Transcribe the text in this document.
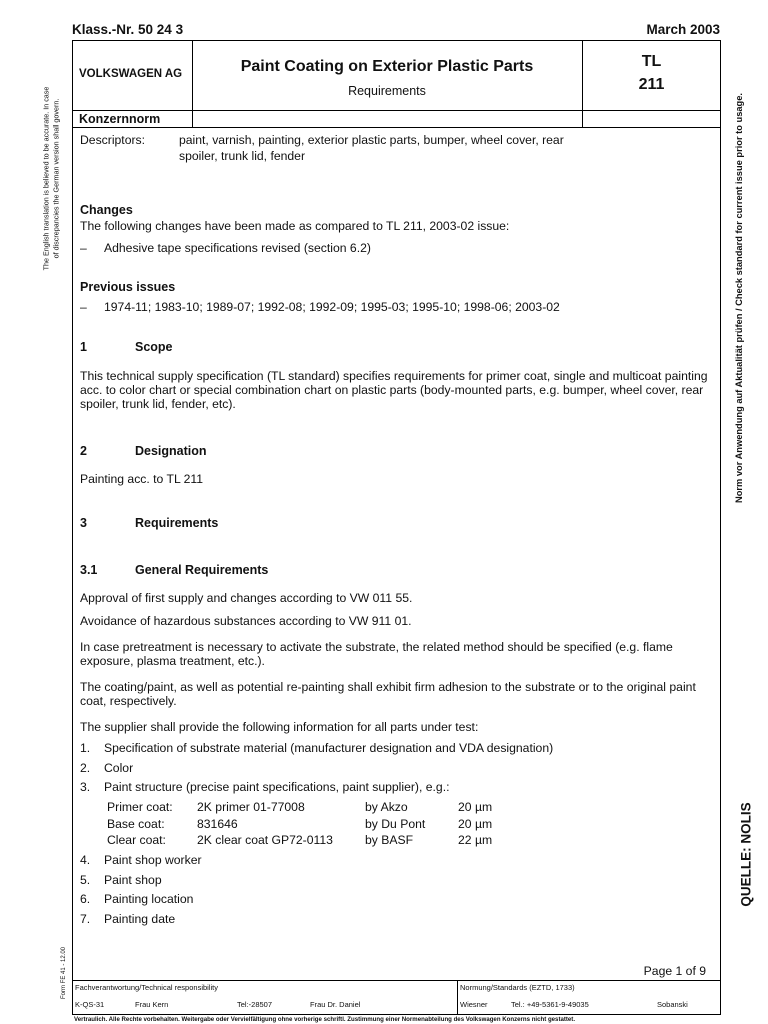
Klass.-Nr. 50 24 3	March 2003
VOLKSWAGEN AG	Paint Coating on Exterior Plastic Parts
Requirements
TL
211
Konzernnorm
Descriptors:	paint, varnish, painting, exterior plastic parts, bumper, wheel cover, rear
spoiler, trunk lid, fender
Changes
The following changes have been made as compared to TL 211, 2003-02 issue:
– Adhesive tape specifications revised (section 6.2)
Previous issues
– 1974-11; 1983-10; 1989-07; 1992-08; 1992-09; 1995-03; 1995-10; 1998-06; 2003-02
1	Scope
This technical supply specification (TL standard) specifies requirements for primer coat, single and multicoat painting acc. to color chart or special combination chart on plastic parts (body-mounted parts, e.g. bumper, wheel cover, rear spoiler, trunk lid, fender, etc).
2	Designation
Painting acc. to TL 211
3	Requirements
3.1	General Requirements
Approval of first supply and changes according to VW 011 55.
Avoidance of hazardous substances according to VW 911 01.
In case pretreatment is necessary to activate the substrate, the related method should be specified (e.g. flame exposure, plasma treatment, etc.).
The coating/paint, as well as potential re-painting shall exhibit firm adhesion to the substrate or to the original paint coat, respectively.
The supplier shall provide the following information for all parts under test:
1. Specification of substrate material (manufacturer designation and VDA designation)
2. Color
3. Paint structure (precise paint specifications, paint supplier), e.g.:
Primer coat: 2K primer 01-77008	by Akzo	20 µm
Base coat:	831646	by Du Pont	20 µm
Clear coat:	2K clear coat GP72-0113	by BASF	22 µm
4. Paint shop worker
5. Paint shop
6. Painting location
7. Painting date
Page 1 of 9
Fachverantwortung/Technical responsibility
K-QS-31	Frau Kern	Tel:-28507	Frau Dr. Daniel
Normung/Standards (EZTD, 1733)
Wiesner	Tel.: +49-5361-9-49035	Sobanski
Vertraulich. Alle Rechte vorbehalten. Weitergabe oder Vervielfältigung ohne vorherige schriftl. Zustimmung einer Normenabteilung des Volkswagen Konzerns nicht gestattet.
The English translation is believed to be accurate. In case of discrepancies the German version shall govern.
Form FE 41 - 12.00
Norm vor Anwendung auf Aktualität prüfen / Check standard for current issue prior to usage.
QUELLE: NOLIS
